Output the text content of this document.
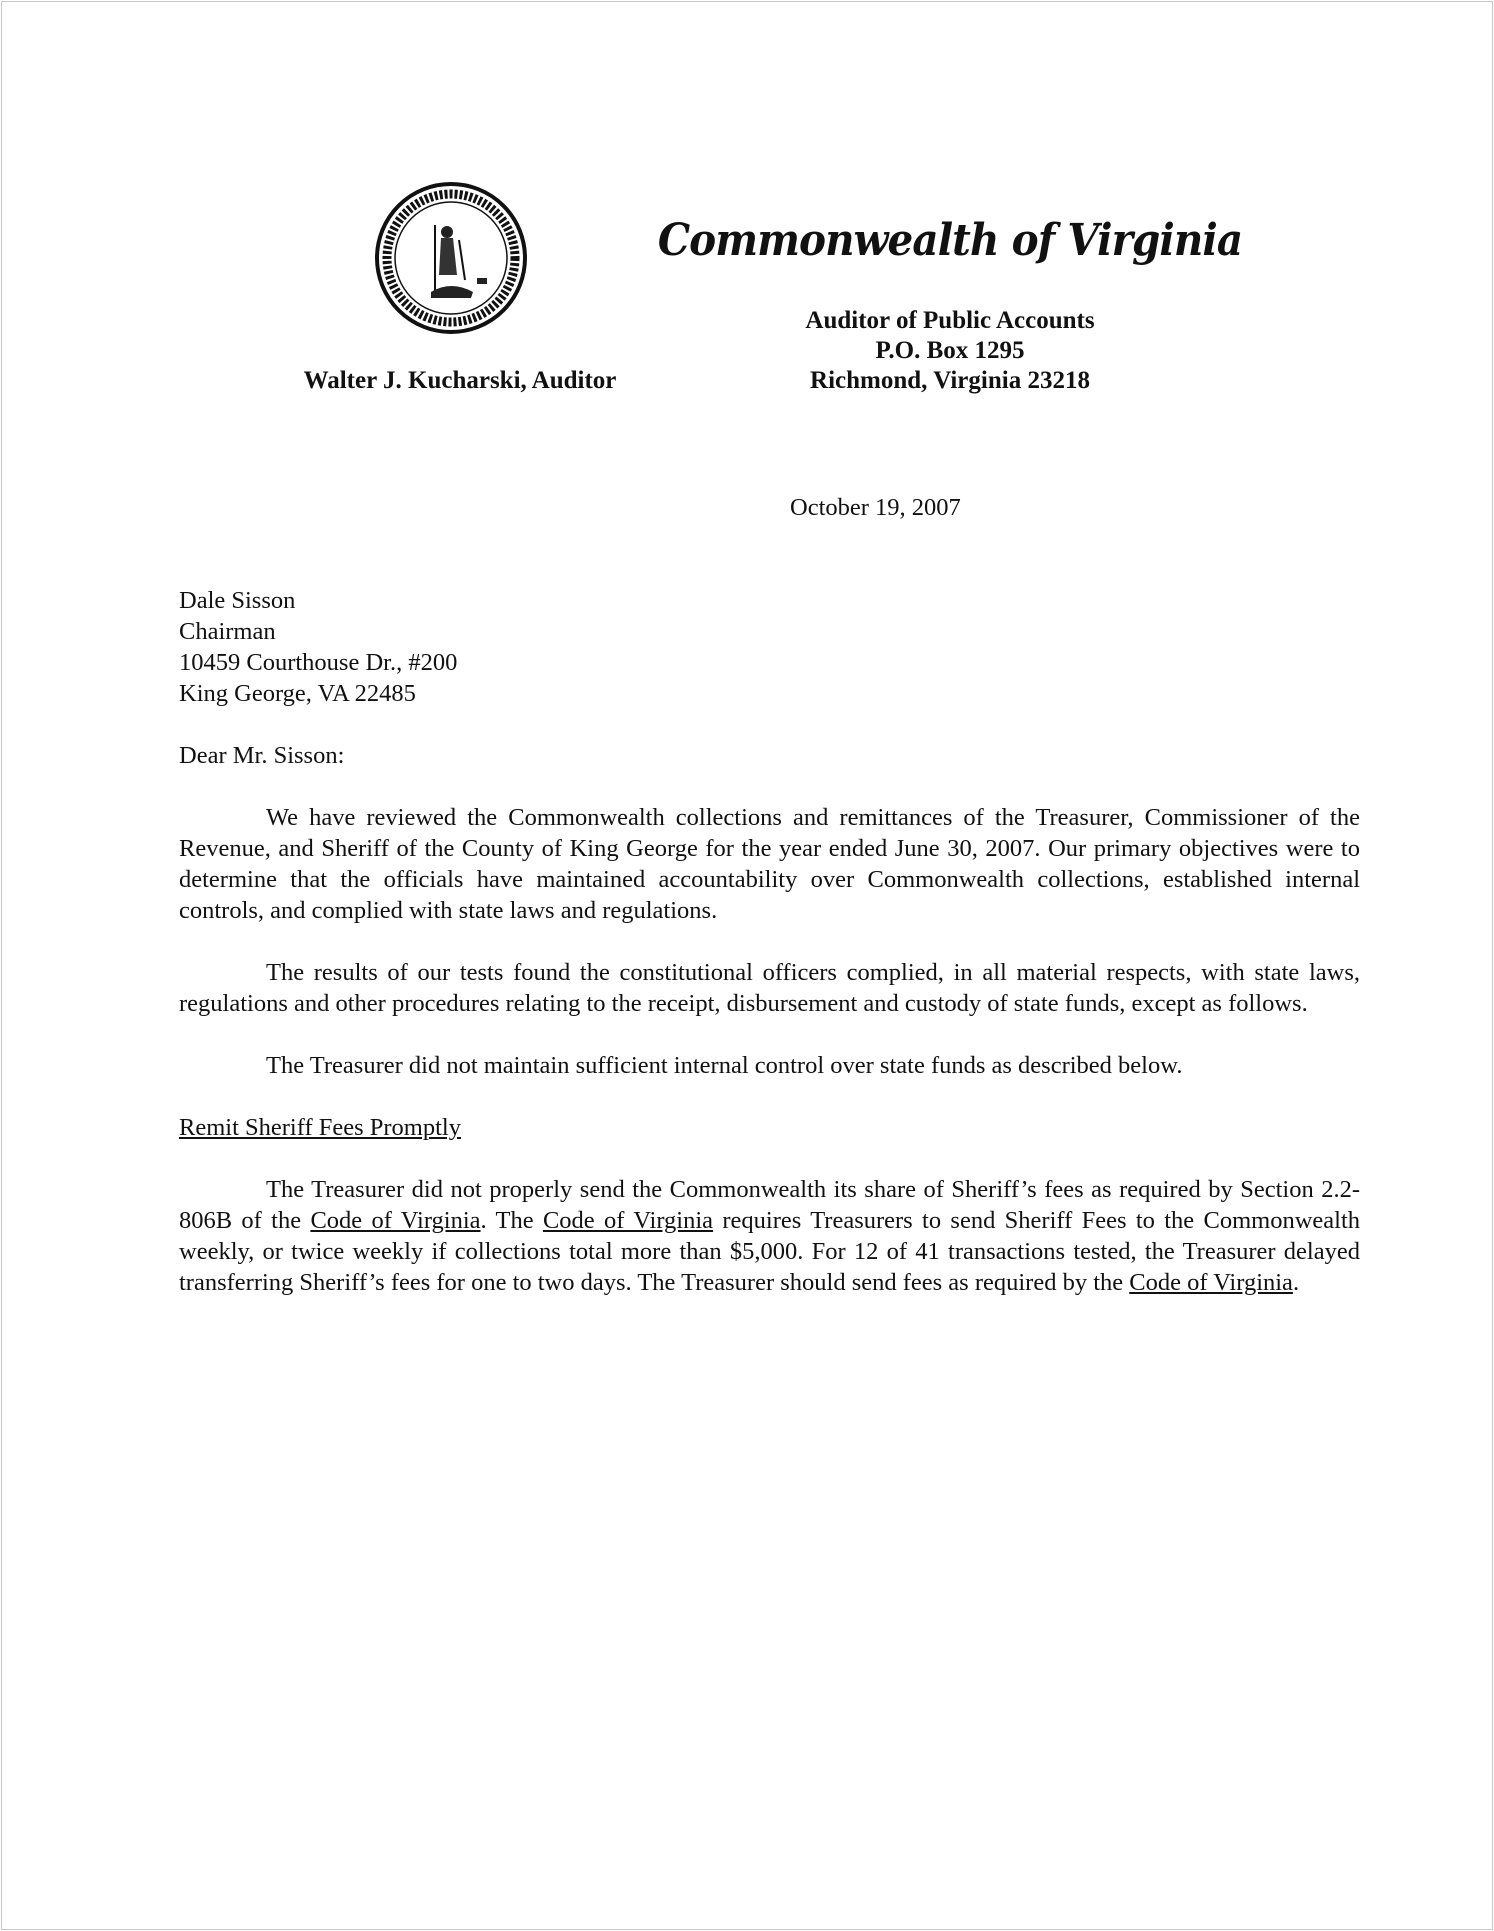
Commonwealth of Virginia
Auditor of Public Accounts
P.O. Box 1295
Richmond, Virginia 23218
Walter J. Kucharski, Auditor
October 19, 2007
Dale Sisson
Chairman
10459 Courthouse Dr., #200
King George, VA 22485
Dear Mr. Sisson:

We have reviewed the Commonwealth collections and remittances of the Treasurer, Commissioner of the Revenue, and Sheriff of the County of King George for the year ended June 30, 2007. Our primary objectives were to determine that the officials have maintained accountability over Commonwealth collections, established internal controls, and complied with state laws and regulations.

The results of our tests found the constitutional officers complied, in all material respects, with state laws, regulations and other procedures relating to the receipt, disbursement and custody of state funds, except as follows.

The Treasurer did not maintain sufficient internal control over state funds as described below.

Remit Sheriff Fees Promptly

The Treasurer did not properly send the Commonwealth its share of Sheriff’s fees as required by Section 2.2-806B of the Code of Virginia. The Code of Virginia requires Treasurers to send Sheriff Fees to the Commonwealth weekly, or twice weekly if collections total more than $5,000. For 12 of 41 transactions tested, the Treasurer delayed transferring Sheriff’s fees for one to two days. The Treasurer should send fees as required by the Code of Virginia.
